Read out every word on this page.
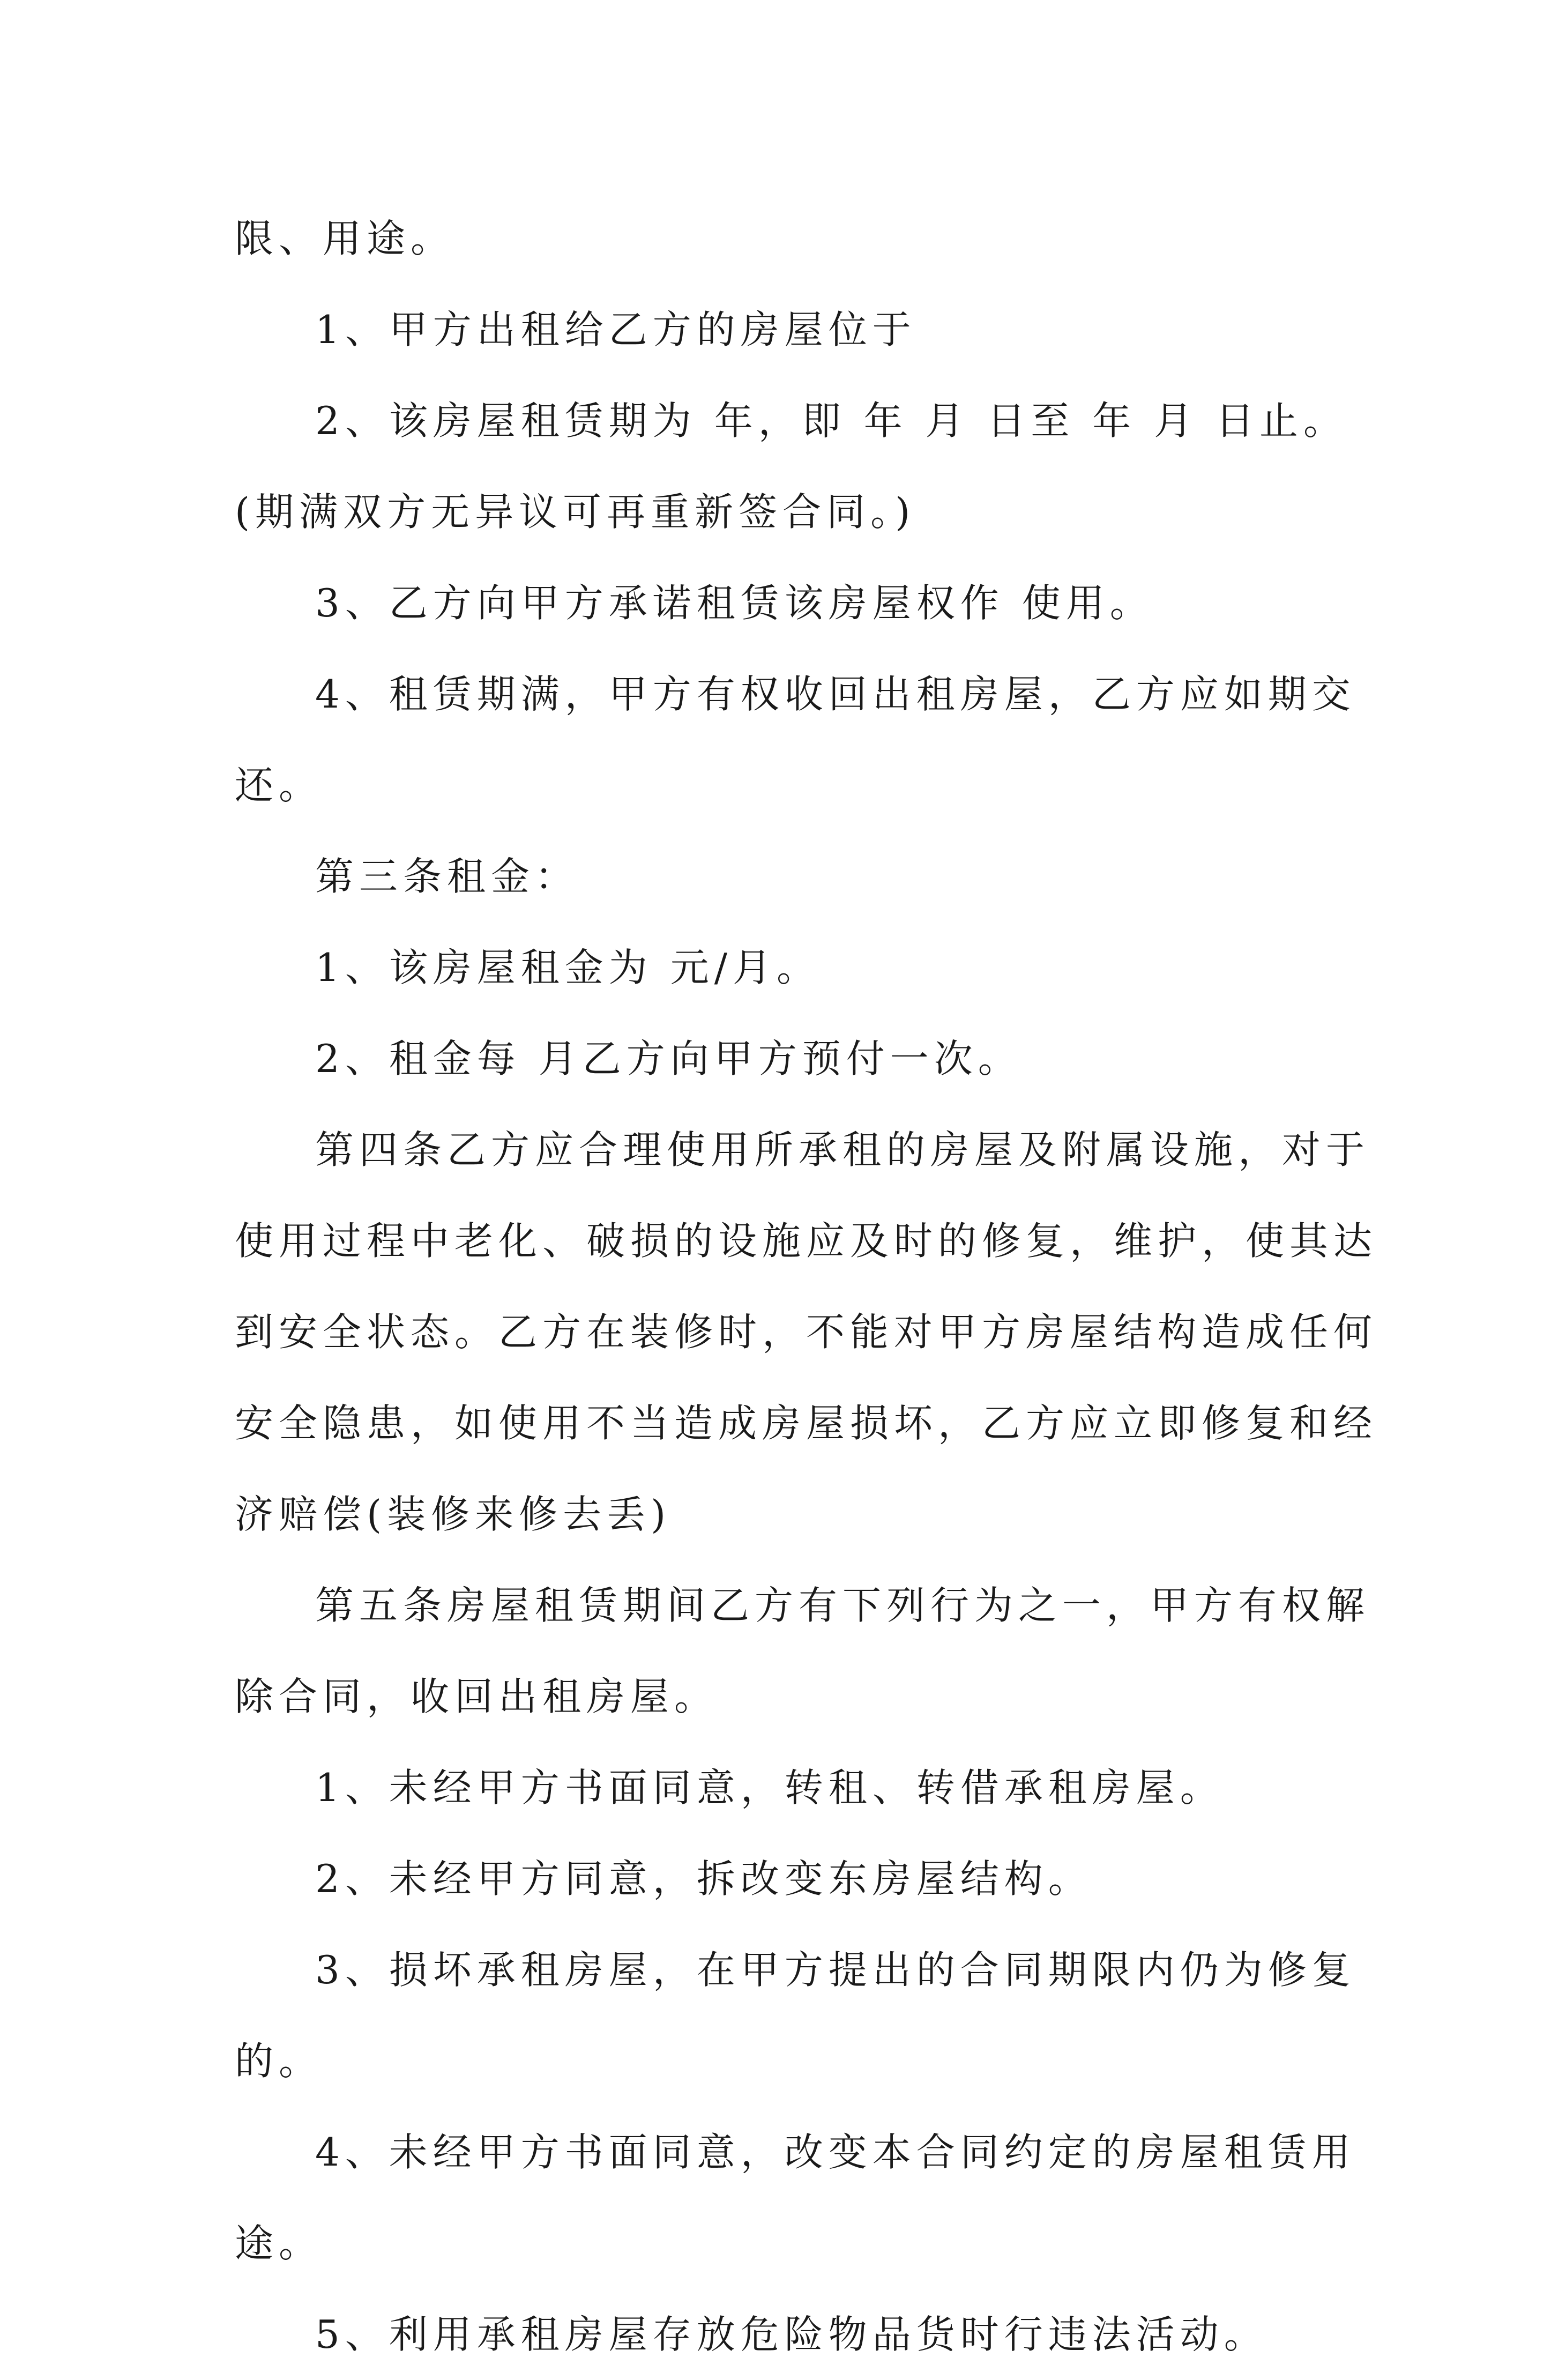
限、用途。
1、甲方出租给乙方的房屋位于
2、该房屋租赁期为 年，即 年 月 日至 年 月 日止。
(期满双方无异议可再重新签合同。)
3、乙方向甲方承诺租赁该房屋权作 使用。
4、租赁期满，甲方有权收回出租房屋，乙方应如期交
还。
第三条租金：
1、该房屋租金为 元/月。
2、租金每 月乙方向甲方预付一次。
第四条乙方应合理使用所承租的房屋及附属设施，对于
使用过程中老化、破损的设施应及时的修复，维护，使其达
到安全状态。乙方在装修时，不能对甲方房屋结构造成任何
安全隐患，如使用不当造成房屋损坏，乙方应立即修复和经
济赔偿(装修来修去丢)
第五条房屋租赁期间乙方有下列行为之一，甲方有权解
除合同，收回出租房屋。
1、未经甲方书面同意，转租、转借承租房屋。
2、未经甲方同意，拆改变东房屋结构。
3、损坏承租房屋，在甲方提出的合同期限内仍为修复
的。
4、未经甲方书面同意，改变本合同约定的房屋租赁用
途。
5、利用承租房屋存放危险物品货时行违法活动。
